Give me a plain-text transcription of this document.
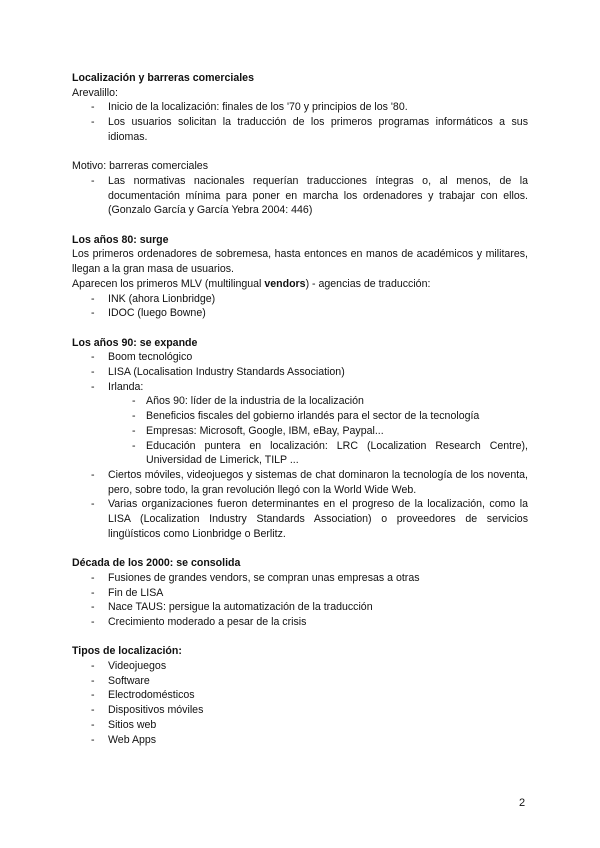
Localización y barreras comerciales

Arevalillo:

- Inicio de la localización: finales de los '70 y principios de los '80.
- Los usuarios solicitan la traducción de los primeros programas informáticos a sus idiomas.

Motivo: barreras comerciales

- Las normativas nacionales requerían traducciones íntegras o, al menos, de la documentación mínima para poner en marcha los ordenadores y trabajar con ellos. (Gonzalo García y García Yebra 2004: 446)
Los años 80: surge

Los primeros ordenadores de sobremesa, hasta entonces en manos de académicos y militares, llegan a la gran masa de usuarios.

Aparecen los primeros MLV (multilingual vendors) - agencias de traducción:

- INK (ahora Lionbridge)
- IDOC (luego Bowne)
Los años 90: se expande
- Boom tecnológico
- LISA (Localisation Industry Standards Association)
- Irlanda:
- Años 90: líder de la industria de la localización
- Beneficios fiscales del gobierno irlandés para el sector de la tecnología
- Empresas: Microsoft, Google, IBM, eBay, Paypal...
- Educación puntera en localización: LRC (Localization Research Centre), Universidad de Limerick, TILP ...
- Ciertos móviles, videojuegos y sistemas de chat dominaron la tecnología de los noventa, pero, sobre todo, la gran revolución llegó con la World Wide Web.
- Varias organizaciones fueron determinantes en el progreso de la localización, como la LISA (Localization Industry Standards Association) o proveedores de servicios lingüísticos como Lionbridge o Berlitz.
Década de los 2000: se consolida
- Fusiones de grandes vendors, se compran unas empresas a otras
- Fin de LISA
- Nace TAUS: persigue la automatización de la traducción
- Crecimiento moderado a pesar de la crisis
Tipos de localización:
- Videojuegos
- Software
- Electrodomésticos
- Dispositivos móviles
- Sitios web
- Web Apps
2
